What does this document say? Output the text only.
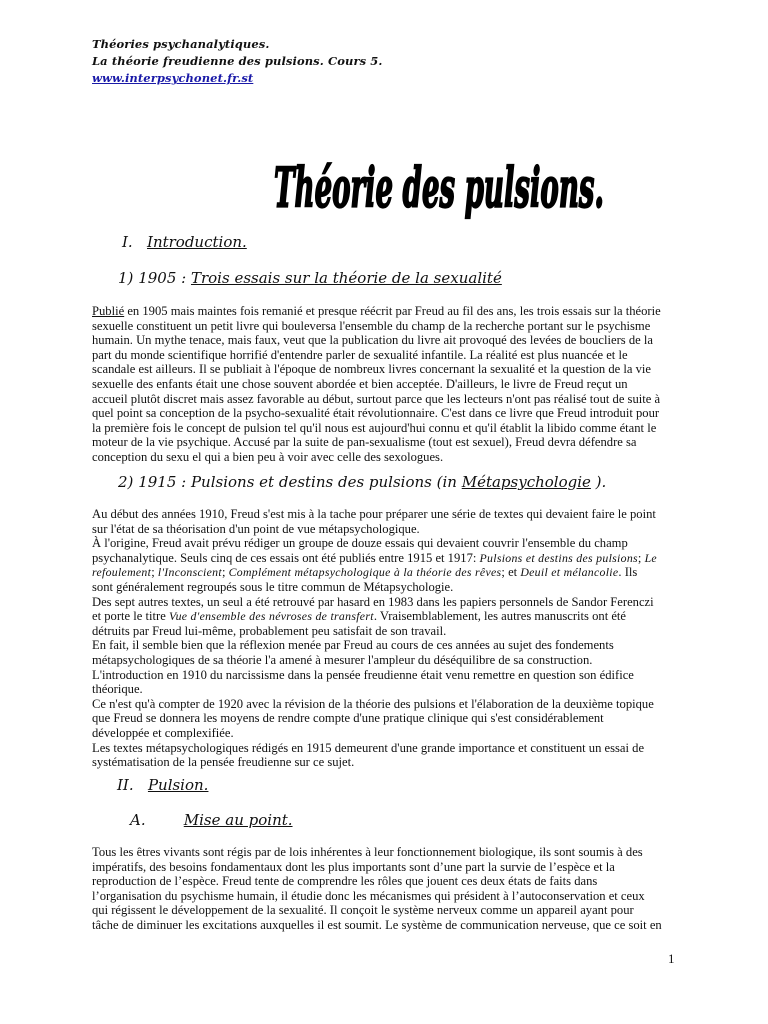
Théories psychanalytiques.
La théorie freudienne des pulsions. Cours 5.
www.interpsychonet.fr.st
Théorie des pulsions.
I. Introduction.
1) 1905 : Trois essais sur la théorie de la sexualité
Publié en 1905 mais maintes fois remanié et presque réécrit par Freud au fil des ans, les trois essais sur la théorie
sexuelle constituent un petit livre qui bouleversa l'ensemble du champ de la recherche portant sur le psychisme
humain. Un mythe tenace, mais faux, veut que la publication du livre ait provoqué des levées de boucliers de la
part du monde scientifique horrifié d'entendre parler de sexualité infantile. La réalité est plus nuancée et le
scandale est ailleurs. Il se publiait à l'époque de nombreux livres concernant la sexualité et la question de la vie
sexuelle des enfants était une chose souvent abordée et bien acceptée. D'ailleurs, le livre de Freud reçut un
accueil plutôt discret mais assez favorable au début, surtout parce que les lecteurs n'ont pas réalisé tout de suite à
quel point sa conception de la psycho-sexualité était révolutionnaire. C'est dans ce livre que Freud introduit pour
la première fois le concept de pulsion tel qu'il nous est aujourd'hui connu et qu'il établit la libido comme étant le
moteur de la vie psychique. Accusé par la suite de pan-sexualisme (tout est sexuel), Freud devra défendre sa
conception du sexu el qui a bien peu à voir avec celle des sexologues.
2) 1915 : Pulsions et destins des pulsions (in Métapsychologie ).
Au début des années 1910, Freud s'est mis à la tache pour préparer une série de textes qui devaient faire le point
sur l'état de sa théorisation d'un point de vue métapsychologique.
À l'origine, Freud avait prévu rédiger un groupe de douze essais qui devaient couvrir l'ensemble du champ
psychanalytique. Seuls cinq de ces essais ont été publiés entre 1915 et 1917: Pulsions et destins des pulsions; Le
refoulement; l'Inconscient; Complément métapsychologique à la théorie des rêves; et Deuil et mélancolie. Ils
sont généralement regroupés sous le titre commun de Métapsychologie.
Des sept autres textes, un seul a été retrouvé par hasard en 1983 dans les papiers personnels de Sandor Ferenczi
et porte le titre Vue d'ensemble des névroses de transfert. Vraisemblablement, les autres manuscrits ont été
détruits par Freud lui-même, probablement peu satisfait de son travail.
En fait, il semble bien que la réflexion menée par Freud au cours de ces années au sujet des fondements
métapsychologiques de sa théorie l'a amené à mesurer l'ampleur du déséquilibre de sa construction.
L'introduction en 1910 du narcissisme dans la pensée freudienne était venu remettre en question son édifice
théorique.
Ce n'est qu'à compter de 1920 avec la révision de la théorie des pulsions et l'élaboration de la deuxième topique
que Freud se donnera les moyens de rendre compte d'une pratique clinique qui s'est considérablement
développée et complexifiée.
Les textes métapsychologiques rédigés en 1915 demeurent d'une grande importance et constituent un essai de
systématisation de la pensée freudienne sur ce sujet.
II. Pulsion.
A.	Mise au point.
Tous les êtres vivants sont régis par de lois inhérentes à leur fonctionnement biologique, ils sont soumis à des
impératifs, des besoins fondamentaux dont les plus importants sont d’une part la survie de l’espèce et la
reproduction de l’espèce. Freud tente de comprendre les rôles que jouent ces deux états de faits dans
l’organisation du psychisme humain, il étudie donc les mécanismes qui président à l’autoconservation et ceux
qui régissent le développement de la sexualité. Il conçoit le système nerveux comme un appareil ayant pour
tâche de diminuer les excitations auxquelles il est soumit. Le système de communication nerveuse, que ce soit en
1
